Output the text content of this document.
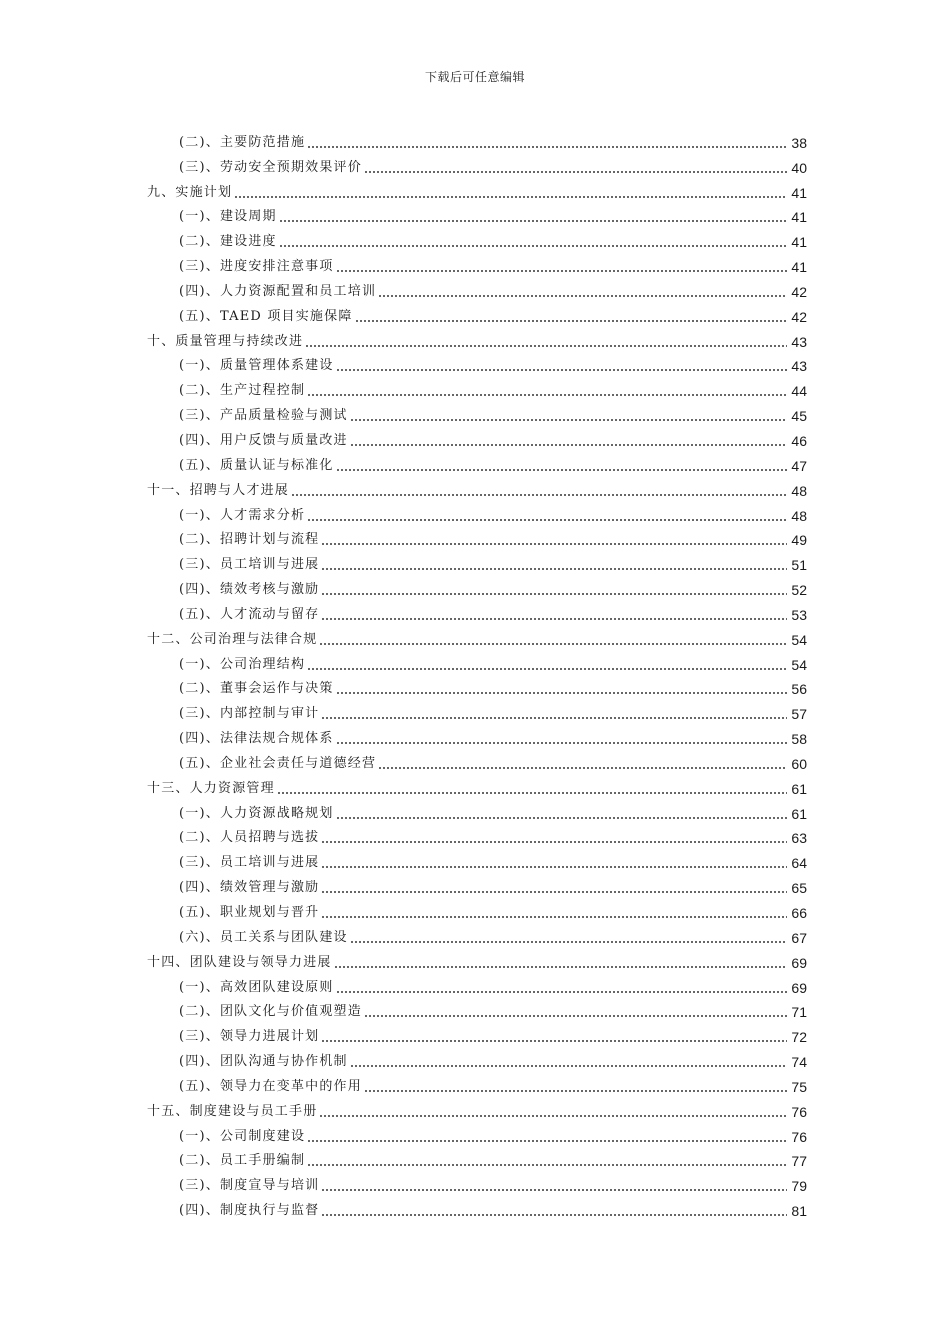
下载后可任意编辑
(二)、主要防范措施	38
(三)、劳动安全预期效果评价	40
九、实施计划	41
(一)、建设周期	41
(二)、建设进度	41
(三)、进度安排注意事项	41
(四)、人力资源配置和员工培训	42
(五)、TAED 项目实施保障	42
十、质量管理与持续改进	43
(一)、质量管理体系建设	43
(二)、生产过程控制	44
(三)、产品质量检验与测试	45
(四)、用户反馈与质量改进	46
(五)、质量认证与标准化	47
十一、招聘与人才进展	48
(一)、人才需求分析	48
(二)、招聘计划与流程	49
(三)、员工培训与进展	51
(四)、绩效考核与激励	52
(五)、人才流动与留存	53
十二、公司治理与法律合规	54
(一)、公司治理结构	54
(二)、董事会运作与决策	56
(三)、内部控制与审计	57
(四)、法律法规合规体系	58
(五)、企业社会责任与道德经营	60
十三、人力资源管理	61
(一)、人力资源战略规划	61
(二)、人员招聘与选拔	63
(三)、员工培训与进展	64
(四)、绩效管理与激励	65
(五)、职业规划与晋升	66
(六)、员工关系与团队建设	67
十四、团队建设与领导力进展	69
(一)、高效团队建设原则	69
(二)、团队文化与价值观塑造	71
(三)、领导力进展计划	72
(四)、团队沟通与协作机制	74
(五)、领导力在变革中的作用	75
十五、制度建设与员工手册	76
(一)、公司制度建设	76
(二)、员工手册编制	77
(三)、制度宣导与培训	79
(四)、制度执行与监督	81
